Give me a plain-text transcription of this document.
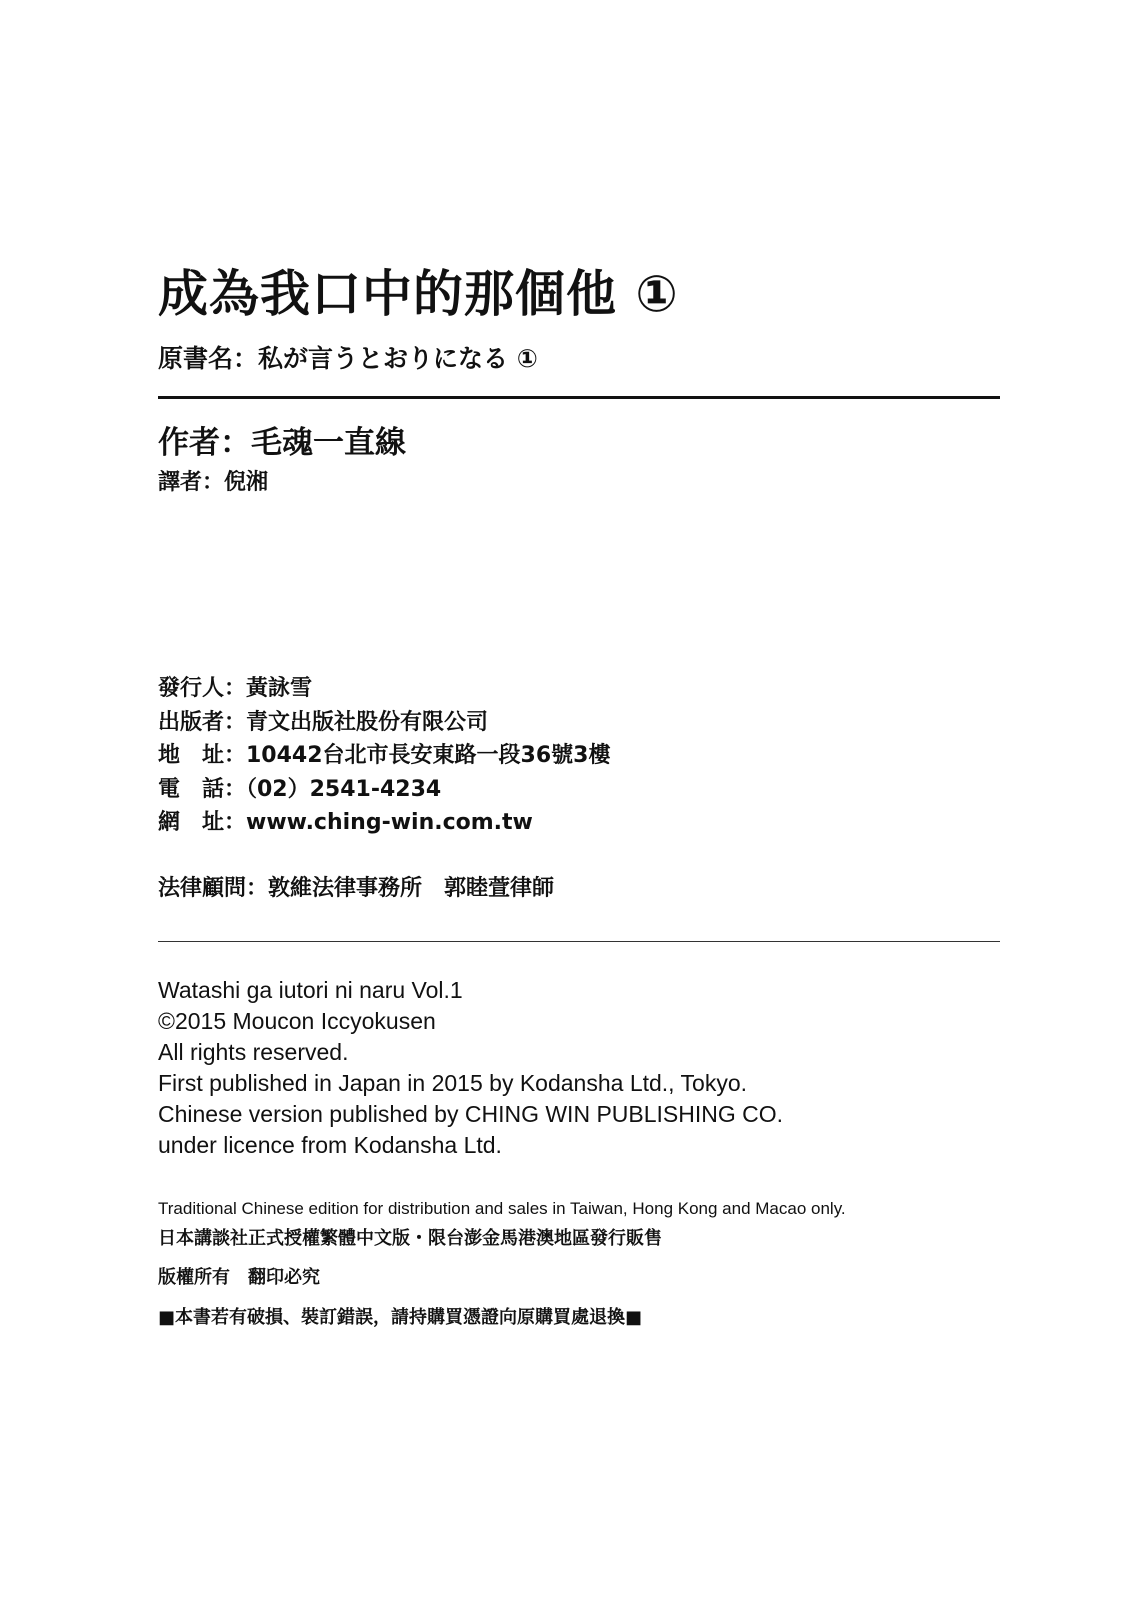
成為我口中的那個他 ①
原書名：私が言うとおりになる ①
作者：毛魂一直線
譯者：倪湘
發行人：黃詠雪
出版者：青文出版社股份有限公司
地　址：10442台北市長安東路一段36號3樓
電　話：（02）2541-4234
網　址：www.ching-win.com.tw
法律顧問：敦維法律事務所　郭睦萱律師
Watashi ga iutori ni naru Vol.1
©2015 Moucon Iccyokusen
All rights reserved.
First published in Japan in 2015 by Kodansha Ltd., Tokyo.
Chinese version published by CHING WIN PUBLISHING CO.
under licence from Kodansha Ltd.
Traditional Chinese edition for distribution and sales in Taiwan, Hong Kong and Macao only.
日本講談社正式授權繁體中文版・限台澎金馬港澳地區發行販售
版權所有　翻印必究
■本書若有破損、裝訂錯誤，請持購買憑證向原購買處退換■
